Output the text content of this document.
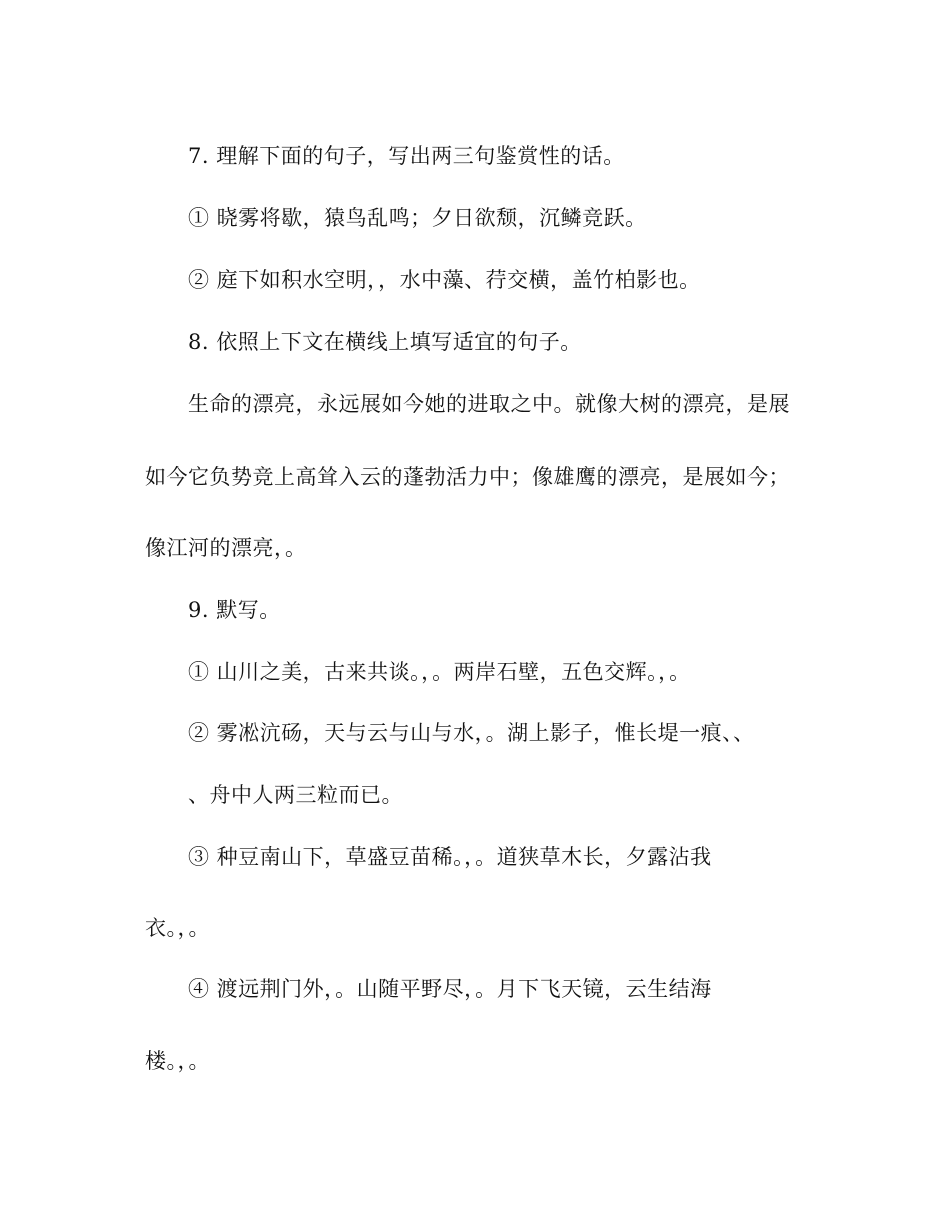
7. 理解下面的句子，写出两三句鉴赏性的话。
① 晓雾将歇，猿鸟乱鸣；夕日欲颓，沉鳞竞跃。
② 庭下如积水空明，，水中藻、荇交横，盖竹柏影也。
8. 依照上下文在横线上填写适宜的句子。
生命的漂亮，永远展如今她的进取之中。就像大树的漂亮，是展
如今它负势竞上高耸入云的蓬勃活力中；像雄鹰的漂亮，是展如今；
像江河的漂亮，。
9. 默写。
① 山川之美，古来共谈。，。两岸石壁，五色交辉。，。
② 雾凇沆砀，天与云与山与水，。湖上影子，惟长堤一痕、、
、舟中人两三粒而已。
③ 种豆南山下，草盛豆苗稀。，。道狭草木长，夕露沾我
衣。，。
④ 渡远荆门外，。山随平野尽，。月下飞天镜，云生结海
楼。，。
